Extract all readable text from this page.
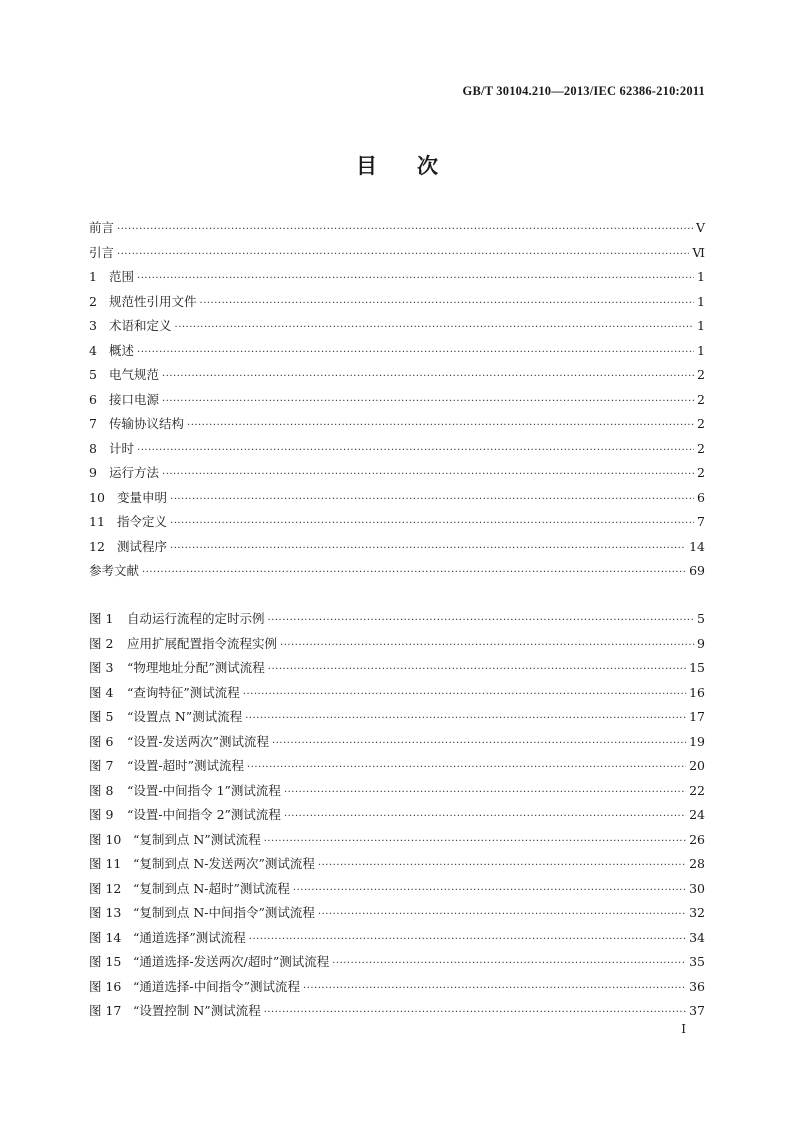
GB/T 30104.210—2013/IEC 62386-210:2011
目次
前言 ·····	Ⅴ
引言 ·····	Ⅵ
1 范围 ·····	1
2 规范性引用文件 ·····	1
3 术语和定义 ·····	1
4 概述 ·····	1
5 电气规范 ·····	2
6 接口电源 ·····	2
7 传输协议结构 ·····	2
8 计时 ·····	2
9 运行方法 ·····	2
10 变量申明 ·····	6
11 指令定义 ·····	7
12 测试程序 ·····	14
参考文献 ·····	69
图 1	自动运行流程的定时示例 ·····	5
图 2	应用扩展配置指令流程实例 ·····	9
图 3	“物理地址分配”测试流程 ·····	15
图 4	“查询特征”测试流程 ·····	16
图 5	“设置点 N”测试流程 ·····	17
图 6	“设置-发送两次”测试流程 ·····	19
图 7	“设置-超时”测试流程 ·····	20
图 8	“设置-中间指令 1”测试流程 ·····	22
图 9	“设置-中间指令 2”测试流程 ·····	24
图 10 “复制到点 N”测试流程 ·····	26
图 11 “复制到点 N-发送两次”测试流程 ·····	28
图 12 “复制到点 N-超时”测试流程 ·····	30
图 13 “复制到点 N-中间指令”测试流程 ·····	32
图 14 “通道选择”测试流程 ·····	34
图 15 “通道选择-发送两次/超时”测试流程 ·····	35
图 16 “通道选择-中间指令”测试流程 ·····	36
图 17 “设置控制 N”测试流程 ·····	37
Ⅰ
